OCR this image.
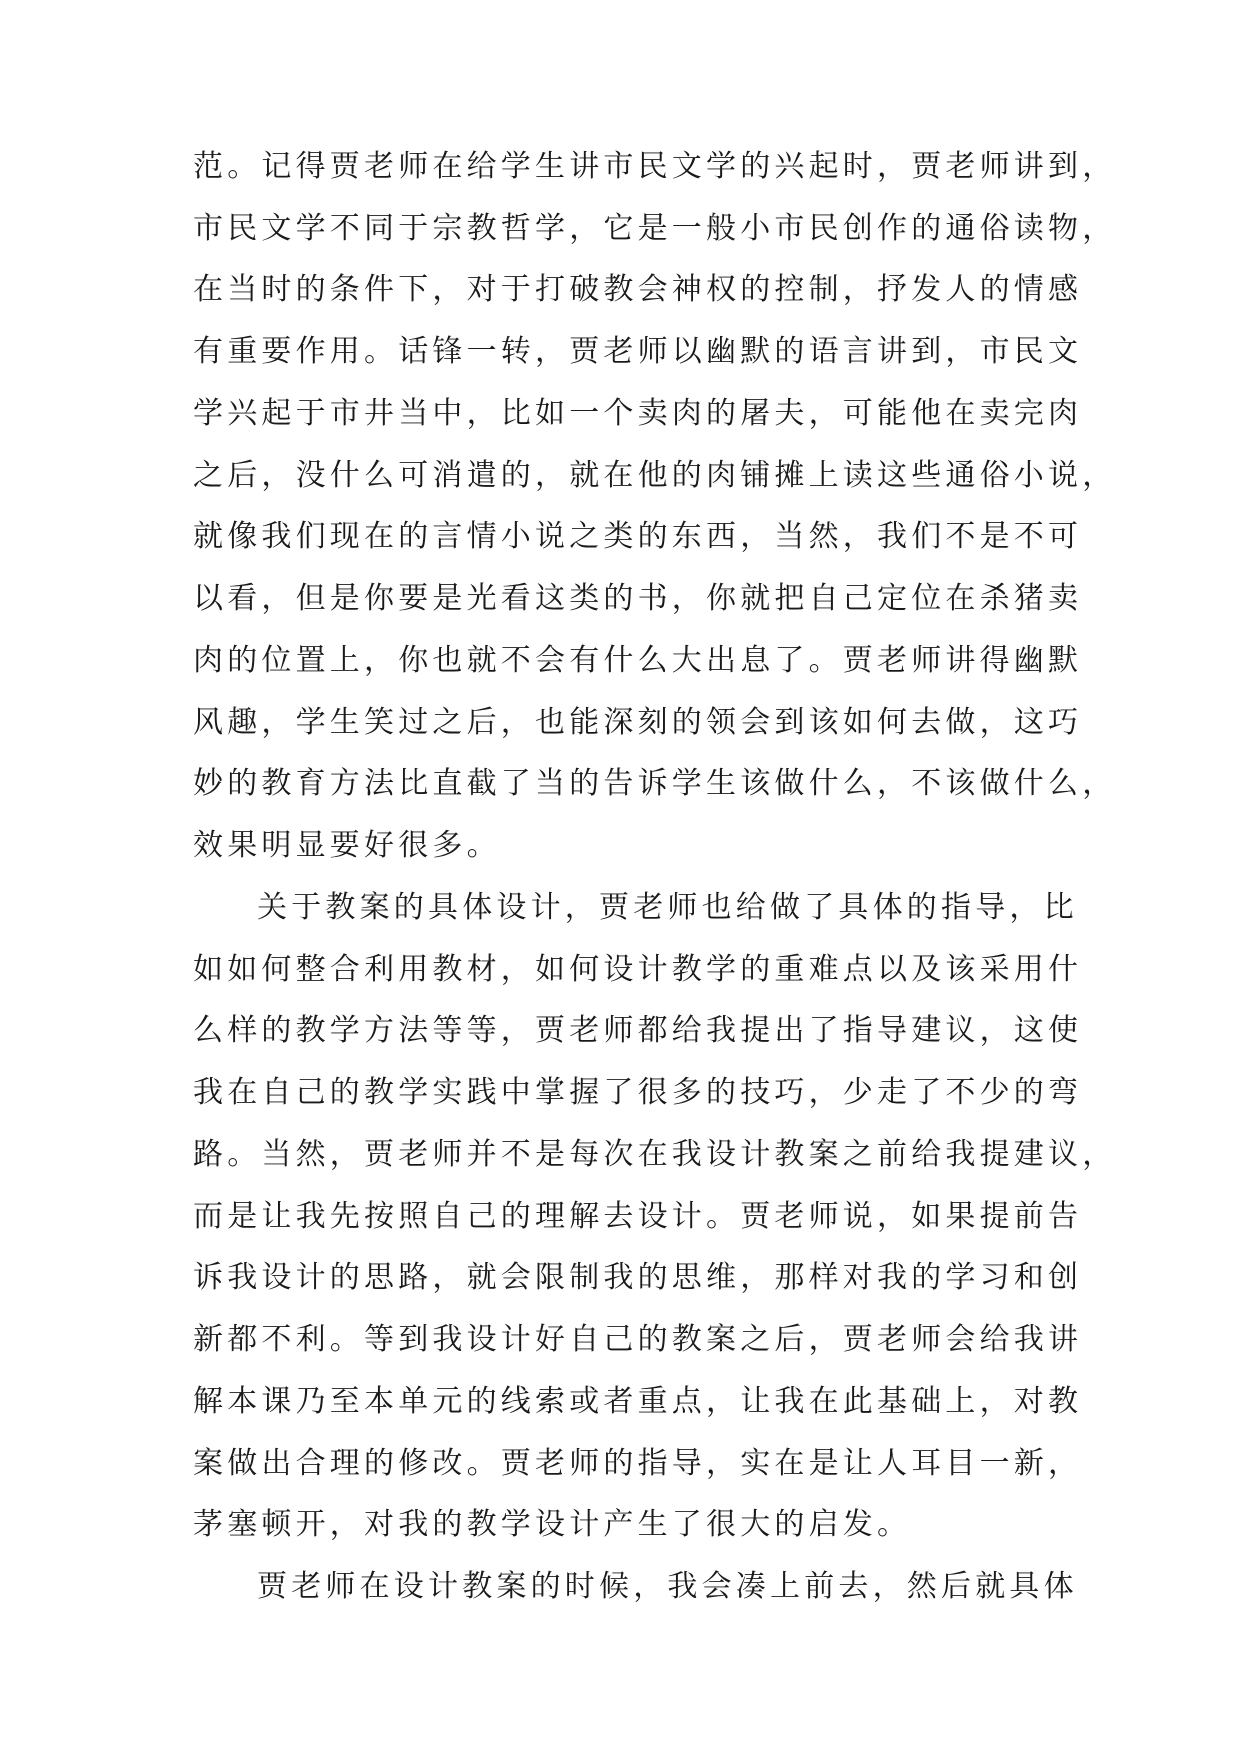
范。记得贾老师在给学生讲市民文学的兴起时，贾老师讲到，
市民文学不同于宗教哲学，它是一般小市民创作的通俗读物，
在当时的条件下，对于打破教会神权的控制，抒发人的情感
有重要作用。话锋一转，贾老师以幽默的语言讲到，市民文
学兴起于市井当中，比如一个卖肉的屠夫，可能他在卖完肉
之后，没什么可消遣的，就在他的肉铺摊上读这些通俗小说，
就像我们现在的言情小说之类的东西，当然，我们不是不可
以看，但是你要是光看这类的书，你就把自己定位在杀猪卖
肉的位置上，你也就不会有什么大出息了。贾老师讲得幽默
风趣，学生笑过之后，也能深刻的领会到该如何去做，这巧
妙的教育方法比直截了当的告诉学生该做什么，不该做什么，
效果明显要好很多。
关于教案的具体设计，贾老师也给做了具体的指导，比
如如何整合利用教材，如何设计教学的重难点以及该采用什
么样的教学方法等等，贾老师都给我提出了指导建议，这使
我在自己的教学实践中掌握了很多的技巧，少走了不少的弯
路。当然，贾老师并不是每次在我设计教案之前给我提建议，
而是让我先按照自己的理解去设计。贾老师说，如果提前告
诉我设计的思路，就会限制我的思维，那样对我的学习和创
新都不利。等到我设计好自己的教案之后，贾老师会给我讲
解本课乃至本单元的线索或者重点，让我在此基础上，对教
案做出合理的修改。贾老师的指导，实在是让人耳目一新，
茅塞顿开，对我的教学设计产生了很大的启发。
贾老师在设计教案的时候，我会凑上前去，然后就具体
